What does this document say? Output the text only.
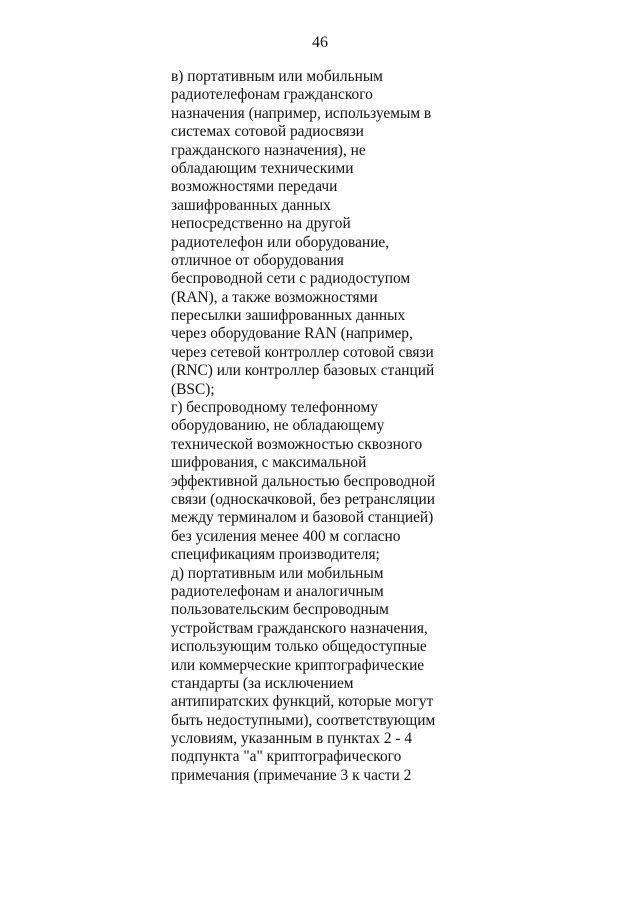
46
в) портативным или мобильным
радиотелефонам гражданского
назначения (например, используемым в
системах сотовой радиосвязи
гражданского назначения), не
обладающим техническими
возможностями передачи
зашифрованных данных
непосредственно на другой
радиотелефон или оборудование,
отличное от оборудования
беспроводной сети с радиодоступом
(RAN), а также возможностями
пересылки зашифрованных данных
через оборудование RAN (например,
через сетевой контроллер сотовой связи
(RNC) или контроллер базовых станций
(BSC);
г) беспроводному телефонному
оборудованию, не обладающему
технической возможностью сквозного
шифрования, с максимальной
эффективной дальностью беспроводной
связи (односкачковой, без ретрансляции
между терминалом и базовой станцией)
без усиления менее 400 м согласно
спецификациям производителя;
д) портативным или мобильным
радиотелефонам и аналогичным
пользовательским беспроводным
устройствам гражданского назначения,
использующим только общедоступные
или коммерческие криптографические
стандарты (за исключением
антипиратских функций, которые могут
быть недоступными), соответствующим
условиям, указанным в пунктах 2 - 4
подпункта "а" криптографического
примечания (примечание 3 к части 2
